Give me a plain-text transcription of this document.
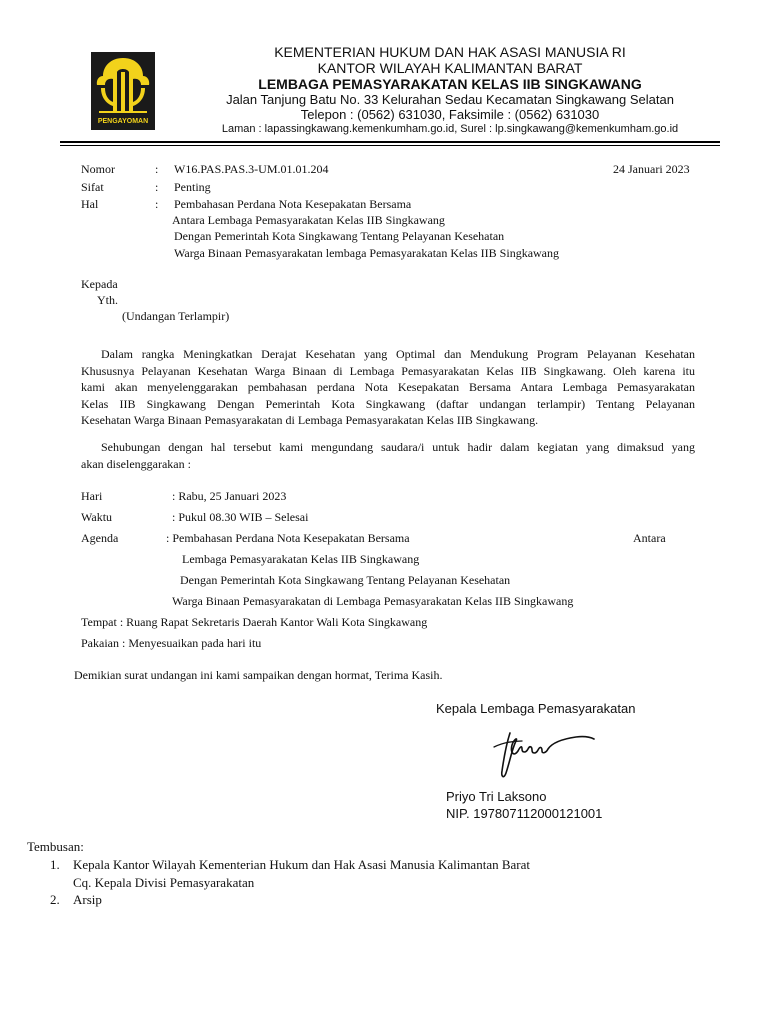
PENGAYOMAN
KEMENTERIAN HUKUM DAN HAK ASASI MANUSIA RI
KANTOR WILAYAH KALIMANTAN BARAT
LEMBAGA PEMASYARAKATAN KELAS IIB SINGKAWANG
Jalan Tanjung Batu No. 33 Kelurahan Sedau Kecamatan Singkawang Selatan
Telepon : (0562) 631030, Faksimile : (0562) 631030
Laman : lapassingkawang.kemenkumham.go.id, Surel : lp.singkawang@kemenkumham.go.id
Nomor	: W16.PAS.PAS.3-UM.01.01.204	24 Januari 2023
Sifat	: Penting
Hal	: Pembahasan Perdana Nota Kesepakatan Bersama
Antara Lembaga Pemasyarakatan Kelas IIB Singkawang
Dengan Pemerintah Kota Singkawang Tentang Pelayanan Kesehatan
Warga Binaan Pemasyarakatan lembaga Pemasyarakatan Kelas IIB Singkawang
Kepada
Yth.
(Undangan Terlampir)
Dalam rangka Meningkatkan Derajat Kesehatan yang Optimal dan Mendukung Program Pelayanan Kesehatan
Khususnya Pelayanan Kesehatan Warga Binaan di Lembaga Pemasyarakatan Kelas IIB Singkawang. Oleh karena itu
kami akan menyelenggarakan pembahasan perdana Nota Kesepakatan Bersama Antara Lembaga Pemasyarakatan
Kelas IIB Singkawang Dengan Pemerintah Kota Singkawang (daftar undangan terlampir) Tentang Pelayanan
Kesehatan Warga Binaan Pemasyarakatan di Lembaga Pemasyarakatan Kelas IIB Singkawang.
Sehubungan dengan hal tersebut kami mengundang saudara/i untuk hadir dalam kegiatan yang dimaksud yang
akan diselenggarakan :
Hari	: Rabu, 25 Januari 2023
Waktu	: Pukul 08.30 WIB – Selesai
Agenda	: Pembahasan Perdana Nota Kesepakatan Bersama	Antara
Lembaga Pemasyarakatan Kelas IIB Singkawang
Dengan Pemerintah Kota Singkawang Tentang Pelayanan Kesehatan
Warga Binaan Pemasyarakatan di Lembaga Pemasyarakatan Kelas IIB Singkawang
Tempat : Ruang Rapat Sekretaris Daerah Kantor Wali Kota Singkawang
Pakaian : Menyesuaikan pada hari itu
Demikian surat undangan ini kami sampaikan dengan hormat, Terima Kasih.
Kepala Lembaga Pemasyarakatan
Priyo Tri Laksono
NIP. 197807112000121001
Tembusan:
1. Kepala Kantor Wilayah Kementerian Hukum dan Hak Asasi Manusia Kalimantan Barat
Cq. Kepala Divisi Pemasyarakatan
2. Arsip
